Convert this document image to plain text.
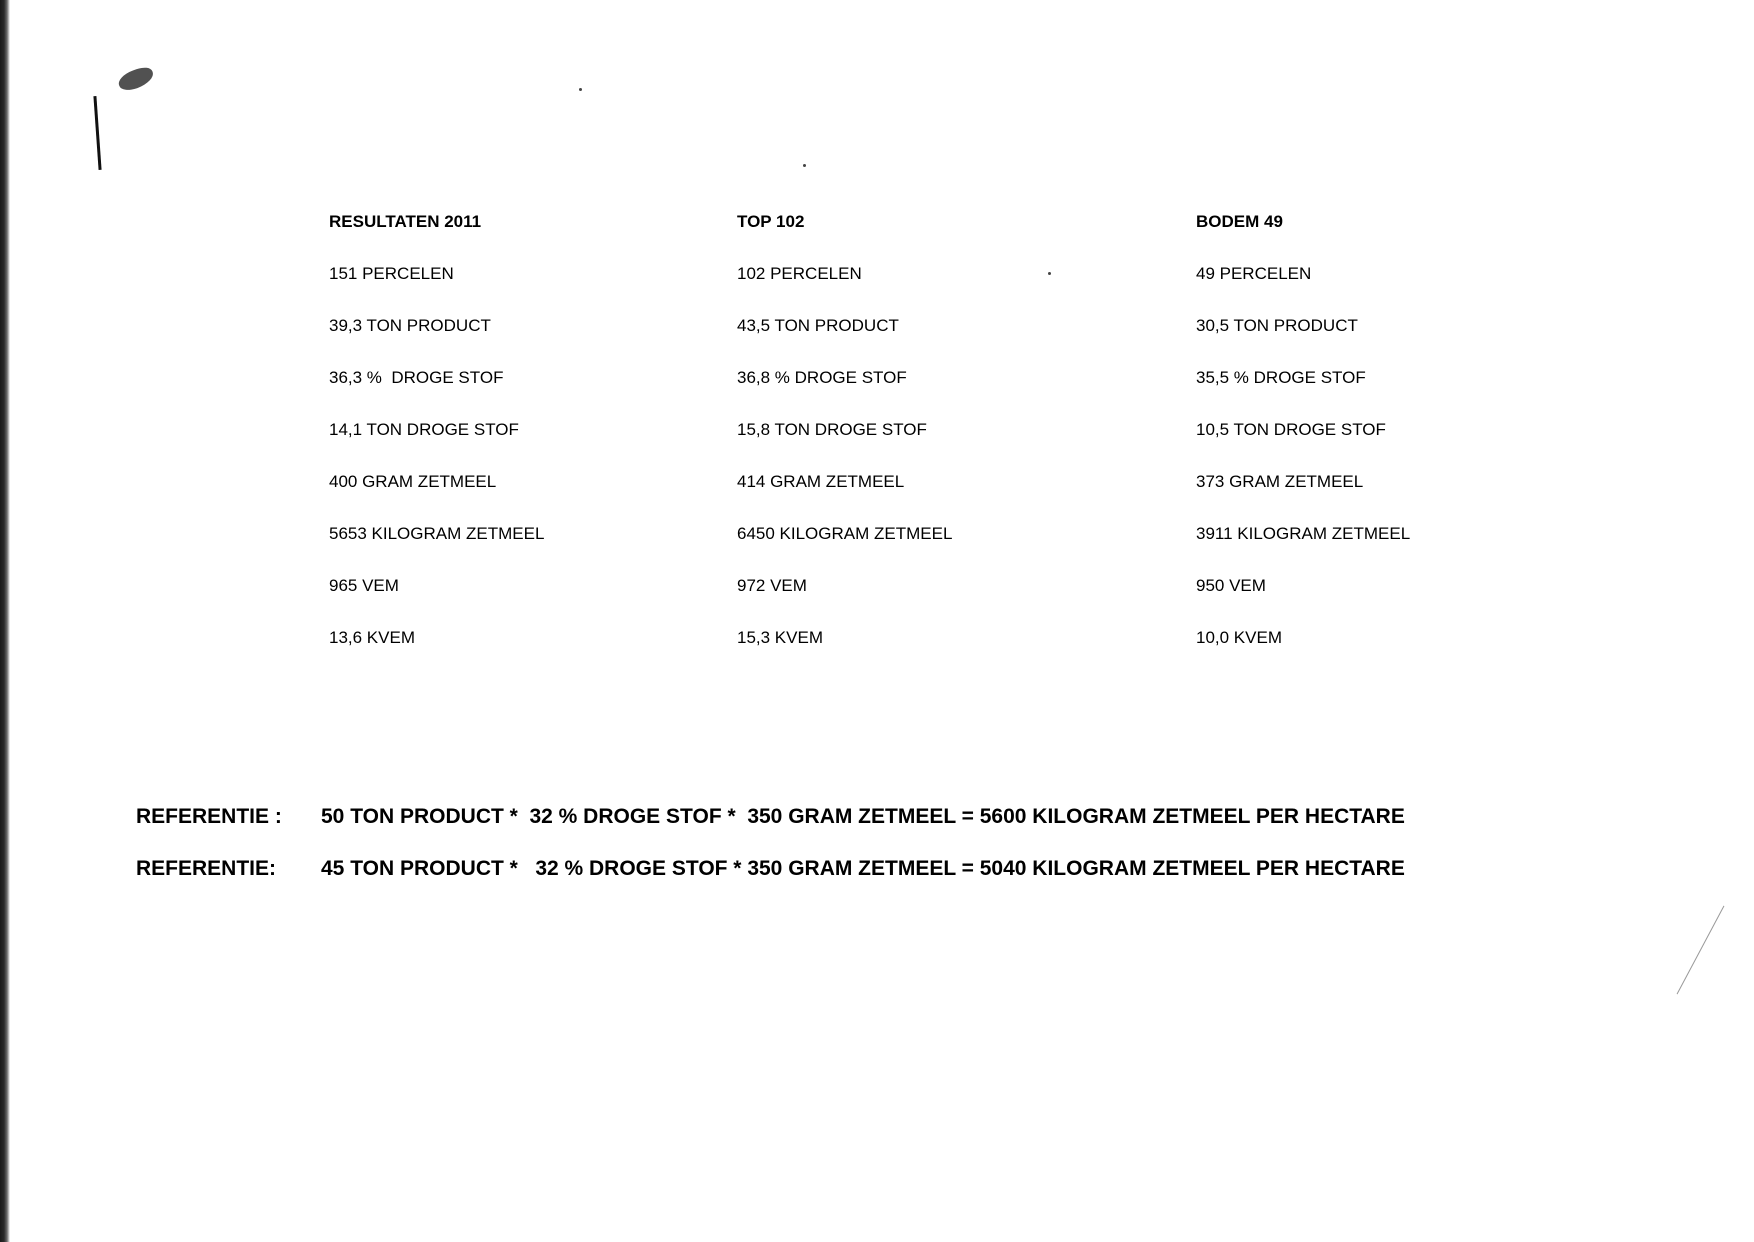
RESULTATEN 2011
151 PERCELEN
39,3 TON PRODUCT
36,3 %  DROGE STOF
14,1 TON DROGE STOF
400 GRAM ZETMEEL
5653 KILOGRAM ZETMEEL
965 VEM
13,6 KVEM
TOP 102
102 PERCELEN
43,5 TON PRODUCT
36,8 % DROGE STOF
15,8 TON DROGE STOF
414 GRAM ZETMEEL
6450 KILOGRAM ZETMEEL
972 VEM
15,3 KVEM
BODEM 49
49 PERCELEN
30,5 TON PRODUCT
35,5 % DROGE STOF
10,5 TON DROGE STOF
373 GRAM ZETMEEL
3911 KILOGRAM ZETMEEL
950 VEM
10,0 KVEM
REFERENTIE : 50 TON PRODUCT *  32 % DROGE STOF *  350 GRAM ZETMEEL = 5600 KILOGRAM ZETMEEL PER HECTARE
REFERENTIE: 45 TON PRODUCT *   32 % DROGE STOF * 350 GRAM ZETMEEL = 5040 KILOGRAM ZETMEEL PER HECTARE
